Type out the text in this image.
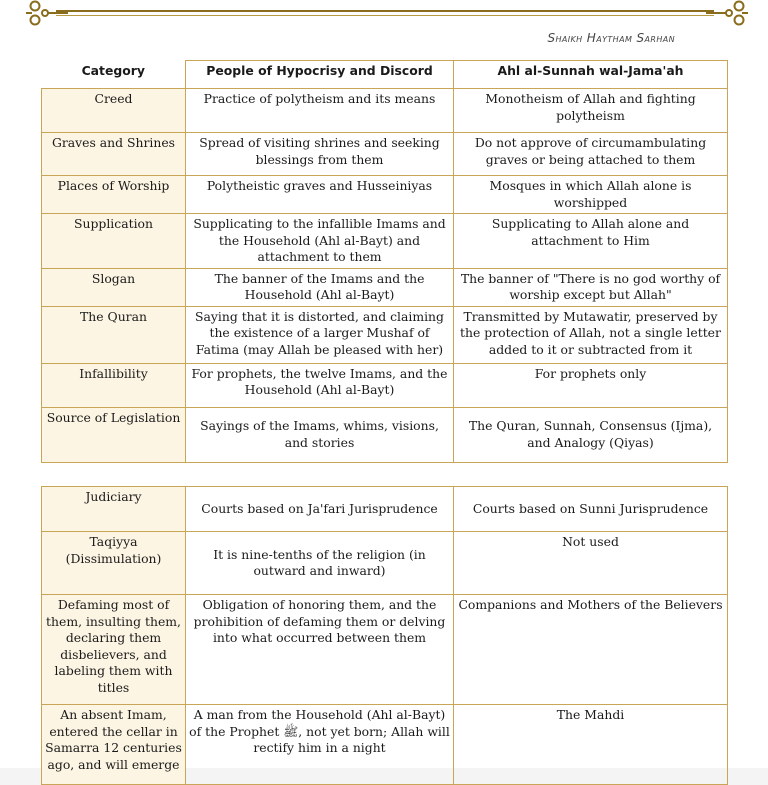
Shaikh Haytham Sarhan
Category	People of Hypocrisy and Discord	Ahl al-Sunnah wal-Jama'ah
Creed	Practice of polytheism and its means	Monotheism of Allah and fighting polytheism
Graves and Shrines	Spread of visiting shrines and seeking blessings from them	Do not approve of circumambulating graves or being attached to them
Places of Worship	Polytheistic graves and Husseiniyas	Mosques in which Allah alone is worshipped
Supplication	Supplicating to the infallible Imams and the Household (Ahl al-Bayt) and attachment to them	Supplicating to Allah alone and attachment to Him
Slogan	The banner of the Imams and the Household (Ahl al-Bayt)	The banner of "There is no god worthy of worship except but Allah"
The Quran	Saying that it is distorted, and claiming the existence of a larger Mushaf of Fatima (may Allah be pleased with her)	Transmitted by Mutawatir, preserved by the protection of Allah, not a single letter added to it or subtracted from it
Infallibility	For prophets, the twelve Imams, and the Household (Ahl al-Bayt)	For prophets only
Source of Legislation	Sayings of the Imams, whims, visions, and stories	The Quran, Sunnah, Consensus (Ijma), and Analogy (Qiyas)
Judiciary	Courts based on Ja'fari Jurisprudence	Courts based on Sunni Jurisprudence
Taqiyya (Dissimulation)	It is nine-tenths of the religion (in outward and inward)	Not used
Defaming most of them, insulting them, declaring them disbelievers, and labeling them with titles	Obligation of honoring them, and the prohibition of defaming them or delving into what occurred between them	Companions and Mothers of the Believers
An absent Imam, entered the cellar in Samarra 12 centuries ago, and will emerge	A man from the Household (Ahl al-Bayt) of the Prophet ﷺ, not yet born; Allah will rectify him in a night	The Mahdi
